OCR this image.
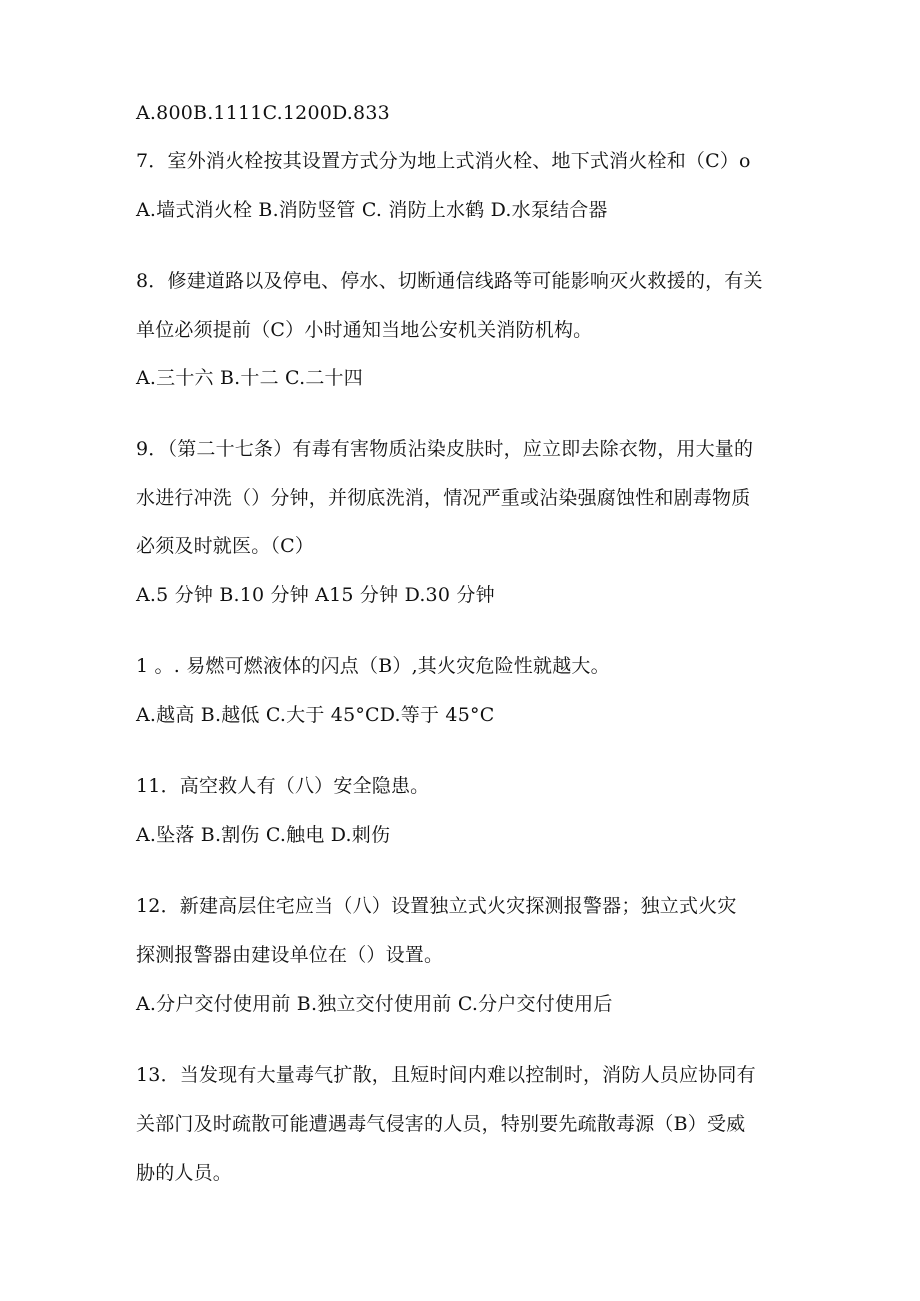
A.800B.1111C.1200D.833
7．室外消火栓按其设置方式分为地上式消火栓、地下式消火栓和（C）o
A.墙式消火栓 B.消防竖管 C. 消防上水鹤 D.水泵结合器
8．修建道路以及停电、停水、切断通信线路等可能影响灭火救援的，有关
单位必须提前（C）小时通知当地公安机关消防机构。
A.三十六 B.十二 C.二十四
9．（第二十七条）有毒有害物质沾染皮肤时，应立即去除衣物，用大量的
水进行冲洗（）分钟，并彻底洗消，情况严重或沾染强腐蚀性和剧毒物质
必须及时就医。（C）
A.5 分钟 B.10 分钟 A15 分钟 D.30 分钟
1 。. 易燃可燃液体的闪点（B）,其火灾危险性就越大。
A.越高 B.越低 C.大于 45°CD.等于 45°C
11．高空救人有（八）安全隐患。
A.坠落 B.割伤 C.触电 D.刺伤
12．新建高层住宅应当（八）设置独立式火灾探测报警器；独立式火灾
探测报警器由建设单位在（）设置。
A.分户交付使用前 B.独立交付使用前 C.分户交付使用后
13．当发现有大量毒气扩散，且短时间内难以控制时，消防人员应协同有
关部门及时疏散可能遭遇毒气侵害的人员，特别要先疏散毒源（B）受威
胁的人员。
